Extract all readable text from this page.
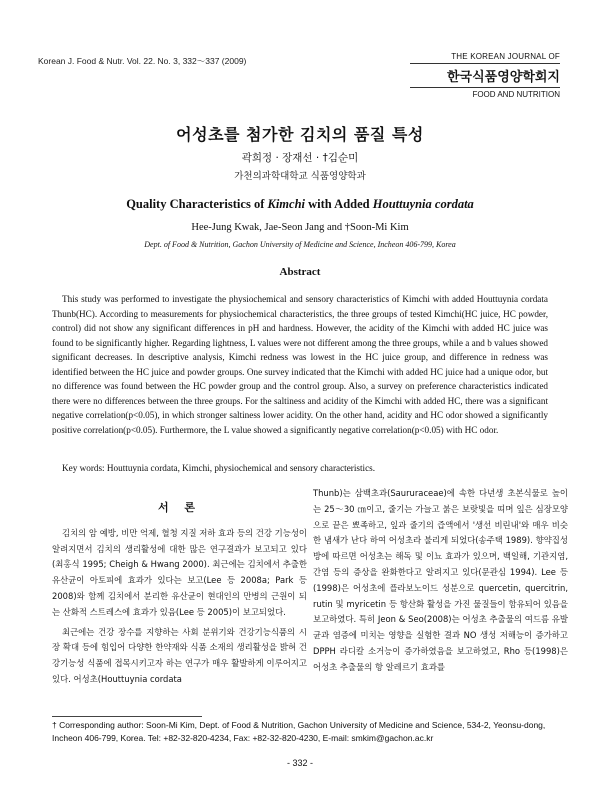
Korean J. Food & Nutr. Vol. 22. No. 3, 332～337 (2009)	THE KOREAN JOURNAL OF
한국식품영양학회지
FOOD AND NUTRITION
어성초를 첨가한 김치의 품질 특성
곽희정 · 장재선 · †김순미
가천의과학대학교 식품영양학과
Quality Characteristics of Kimchi with Added Houttuynia cordata
Hee-Jung Kwak, Jae-Seon Jang and †Soon-Mi Kim
Dept. of Food & Nutrition, Gachon University of Medicine and Science, Incheon 406-799, Korea
Abstract
This study was performed to investigate the physiochemical and sensory characteristics of Kimchi with added Houttuynia cordata Thunb(HC). According to measurements for physiochemical characteristics, the three groups of tested Kimchi(HC juice, HC powder, control) did not show any significant differences in pH and hardness. However, the acidity of the Kimchi with added HC juice was found to be significantly higher. Regarding lightness, L values were not different among the three groups, while a and b values showed significant decreases. In descriptive analysis, Kimchi redness was lowest in the HC juice group, and difference in redness was identified between the HC juice and powder groups. One survey indicated that the Kimchi with added HC juice had a unique odor, but no difference was found between the HC powder group and the control group. Also, a survey on preference characteristics indicated there were no differences between the three groups. For the saltiness and acidity of the Kimchi with added HC, there was a significant negative correlation(p<0.05), in which stronger saltiness lower acidity. On the other hand, acidity and HC odor showed a significantly positive correlation(p<0.05). Furthermore, the L value showed a significantly negative correlation(p<0.05) with HC odor.
Key words: Houttuynia cordata, Kimchi, physiochemical and sensory characteristics.
서 론

김치의 암 예방, 비만 억제, 혈청 지질 저하 효과 등의 건강 기능성이 알려지면서 김치의 생리활성에 대한 많은 연구결과가 보고되고 있다(최홍식 1995; Cheigh & Hwang 2000). 최근에는 김치에서 추출한 유산균이 아토피에 효과가 있다는 보고(Lee 등 2008a; Park 등 2008)와 함께 김치에서 분리한 유산균이 현대인의 만병의 근원이 되는 산화적 스트레스에 효과가 있음(Lee 등 2005)이 보고되었다.

최근에는 건강 장수를 지향하는 사회 분위기와 건강기능식품의 시장 확대 등에 힘입어 다양한 한약재와 식품 소재의 생리활성을 밝혀 건강기능성 식품에 접목시키고자 하는 연구가 매우 활발하게 이루어지고 있다. 어성초(Houttuynia cordata

Thunb)는 삼백초과(Saururaceae)에 속한 다년생 초본식물로 높이는 25～30 ㎝이고, 줄기는 가늘고 붉은 보랏빛을 띠며 잎은 심장모양으로 끝은 뾰족하고, 잎과 줄기의 즙액에서 '생선 비린내'와 매우 비슷한 냄새가 난다 하여 어성초라 불리게 되었다(송주택 1989). 향약집성방에 따르면 어성초는 해독 및 이뇨 효과가 있으며, 백일해, 기관지염, 간염 등의 증상을 완화한다고 알려지고 있다(문관심 1994). Lee 등(1998)은 어성초에 플라보노이드 성분으로 quercetin, quercitrin, rutin 및 myricetin 등 항산화 활성을 가진 물질들이 함유되어 있음을 보고하였다. 특히 Jeon & Seo(2008)는 어성초 추출물의 여드름 유발균과 염증에 미치는 영향을 실험한 결과 NO 생성 저해능이 증가하고 DPPH 라디칼 소거능이 증가하였음을 보고하였고, Rho 등(1998)은 어성초 추출물의 항 알레르기 효과를

† Corresponding author: Soon-Mi Kim, Dept. of Food & Nutrition, Gachon University of Medicine and Science, 534-2, Yeonsu-dong, Incheon 406-799, Korea. Tel: +82-32-820-4234, Fax: +82-32-820-4230, E-mail: smkim@gachon.ac.kr
- 332 -
